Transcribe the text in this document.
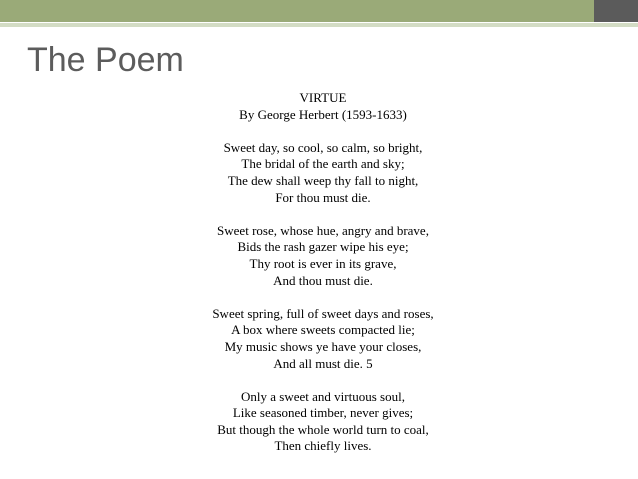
The Poem
VIRTUE
By George Herbert (1593-1633)
Sweet day, so cool, so calm, so bright,
The bridal of the earth and sky;
The dew shall weep thy fall to night,
For thou must die.
Sweet rose, whose hue, angry and brave,
Bids the rash gazer wipe his eye;
Thy root is ever in its grave,
And thou must die.
Sweet spring, full of sweet days and roses,
A box where sweets compacted lie;
My music shows ye have your closes,
And all must die. 5
Only a sweet and virtuous soul,
Like seasoned timber, never gives;
But though the whole world turn to coal,
Then chiefly lives.
